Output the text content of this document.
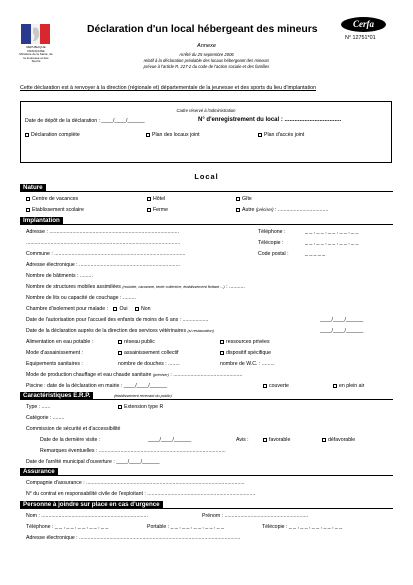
REPUBLIQUE FRANÇAISE
Ministère de la Santé, de la Jeunesse et des Sports
Déclaration d'un local hébergeant des mineurs	Cerfa
N° 12751*01
Annexe
Arrêté du 25 septembre 2006
relatif à la déclaration préalable des locaux hébergeant des mineurs
prévue à l'article R. 227-2 du code de l'action sociale et des familles
Cette déclaration est à renvoyer à la direction (régionale et) départementale de la jeunesse et des sports du lieu d'implantation
Cadre réservé à l'administration
Date de dépôt de la déclaration : ____/____/______	N° d'enregistrement du local : ..................................
Déclaration complète	Plan des locaux joint	Plan d'accès joint
Local
Nature
Centre de vacances	Hôtel	Gîte
Etablissement scolaire	Ferme	Autre (préciser) : ...................................
Implantation
Adresse : ..........................................................................................	Téléphone :	_ _ , _ _ , _ _ , _ _ , _ _
...........................................................................................................	Télécopie :	_ _ , _ _ , _ _ , _ _ , _ _
Commune : ...........................................................................................	Code postal :	_ _ _ _ _
Adresse électronique : ......................................................................
Nombre de bâtiments : .........
Nombre de structures mobiles assimilées (roulotte, caravane, tente collective, établissement flottant ...) : ...........
Nombre de lits ou capacité de couchage : .........
Chambre d'isolement pour malade : Oui	Non
Date de l'autorisation pour l'accueil des enfants de moins de 6 ans : ..................	____/____/______
Date de la déclaration auprès de la direction des services vétérinaires (si restauration)	____/____/______
Alimentation en eau potable :	réseau public	ressources privées
Mode d'assainissement :	assainissement collectif	dispositif spécifique
Equipements sanitaires :	nombre de douches : ........	nombre de W.C. : .........
Mode de production chauffage et eau chaude sanitaire (préciser) : ................................................
Piscine : date de la déclaration en mairie : ____/____/______	couverte	en plein air
Caractéristiques E.R.P.	(établissement recevant du public)
Type : ......	Extension type R
Catégorie : ........
Commission de sécurité et d'accessibilité
Date de la dernière visite :	____/____/______	Avis :	favorable	défavorable
Remarques éventuelles : ........................................................................................
Date de l'arrêté municipal d'ouverture : ____/____/______
Assurance
Compagnie d'assurance : ..............................................................................................................
N° du contrat en responsabilité civile de l'exploitant : ...........................................................................
Personne à joindre sur place en cas d'urgence
Nom : ..........................................................................	Prénom : ..........................................................
Téléphone : _ _ , _ _ , _ _ , _ _ , _ _	Portable : _ _ , _ _ , _ _ , _ _ , _ _	Télécopie : _ _ , _ _ , _ _ , _ _ , _ _
Adresse électronique : ................................................................................................................
